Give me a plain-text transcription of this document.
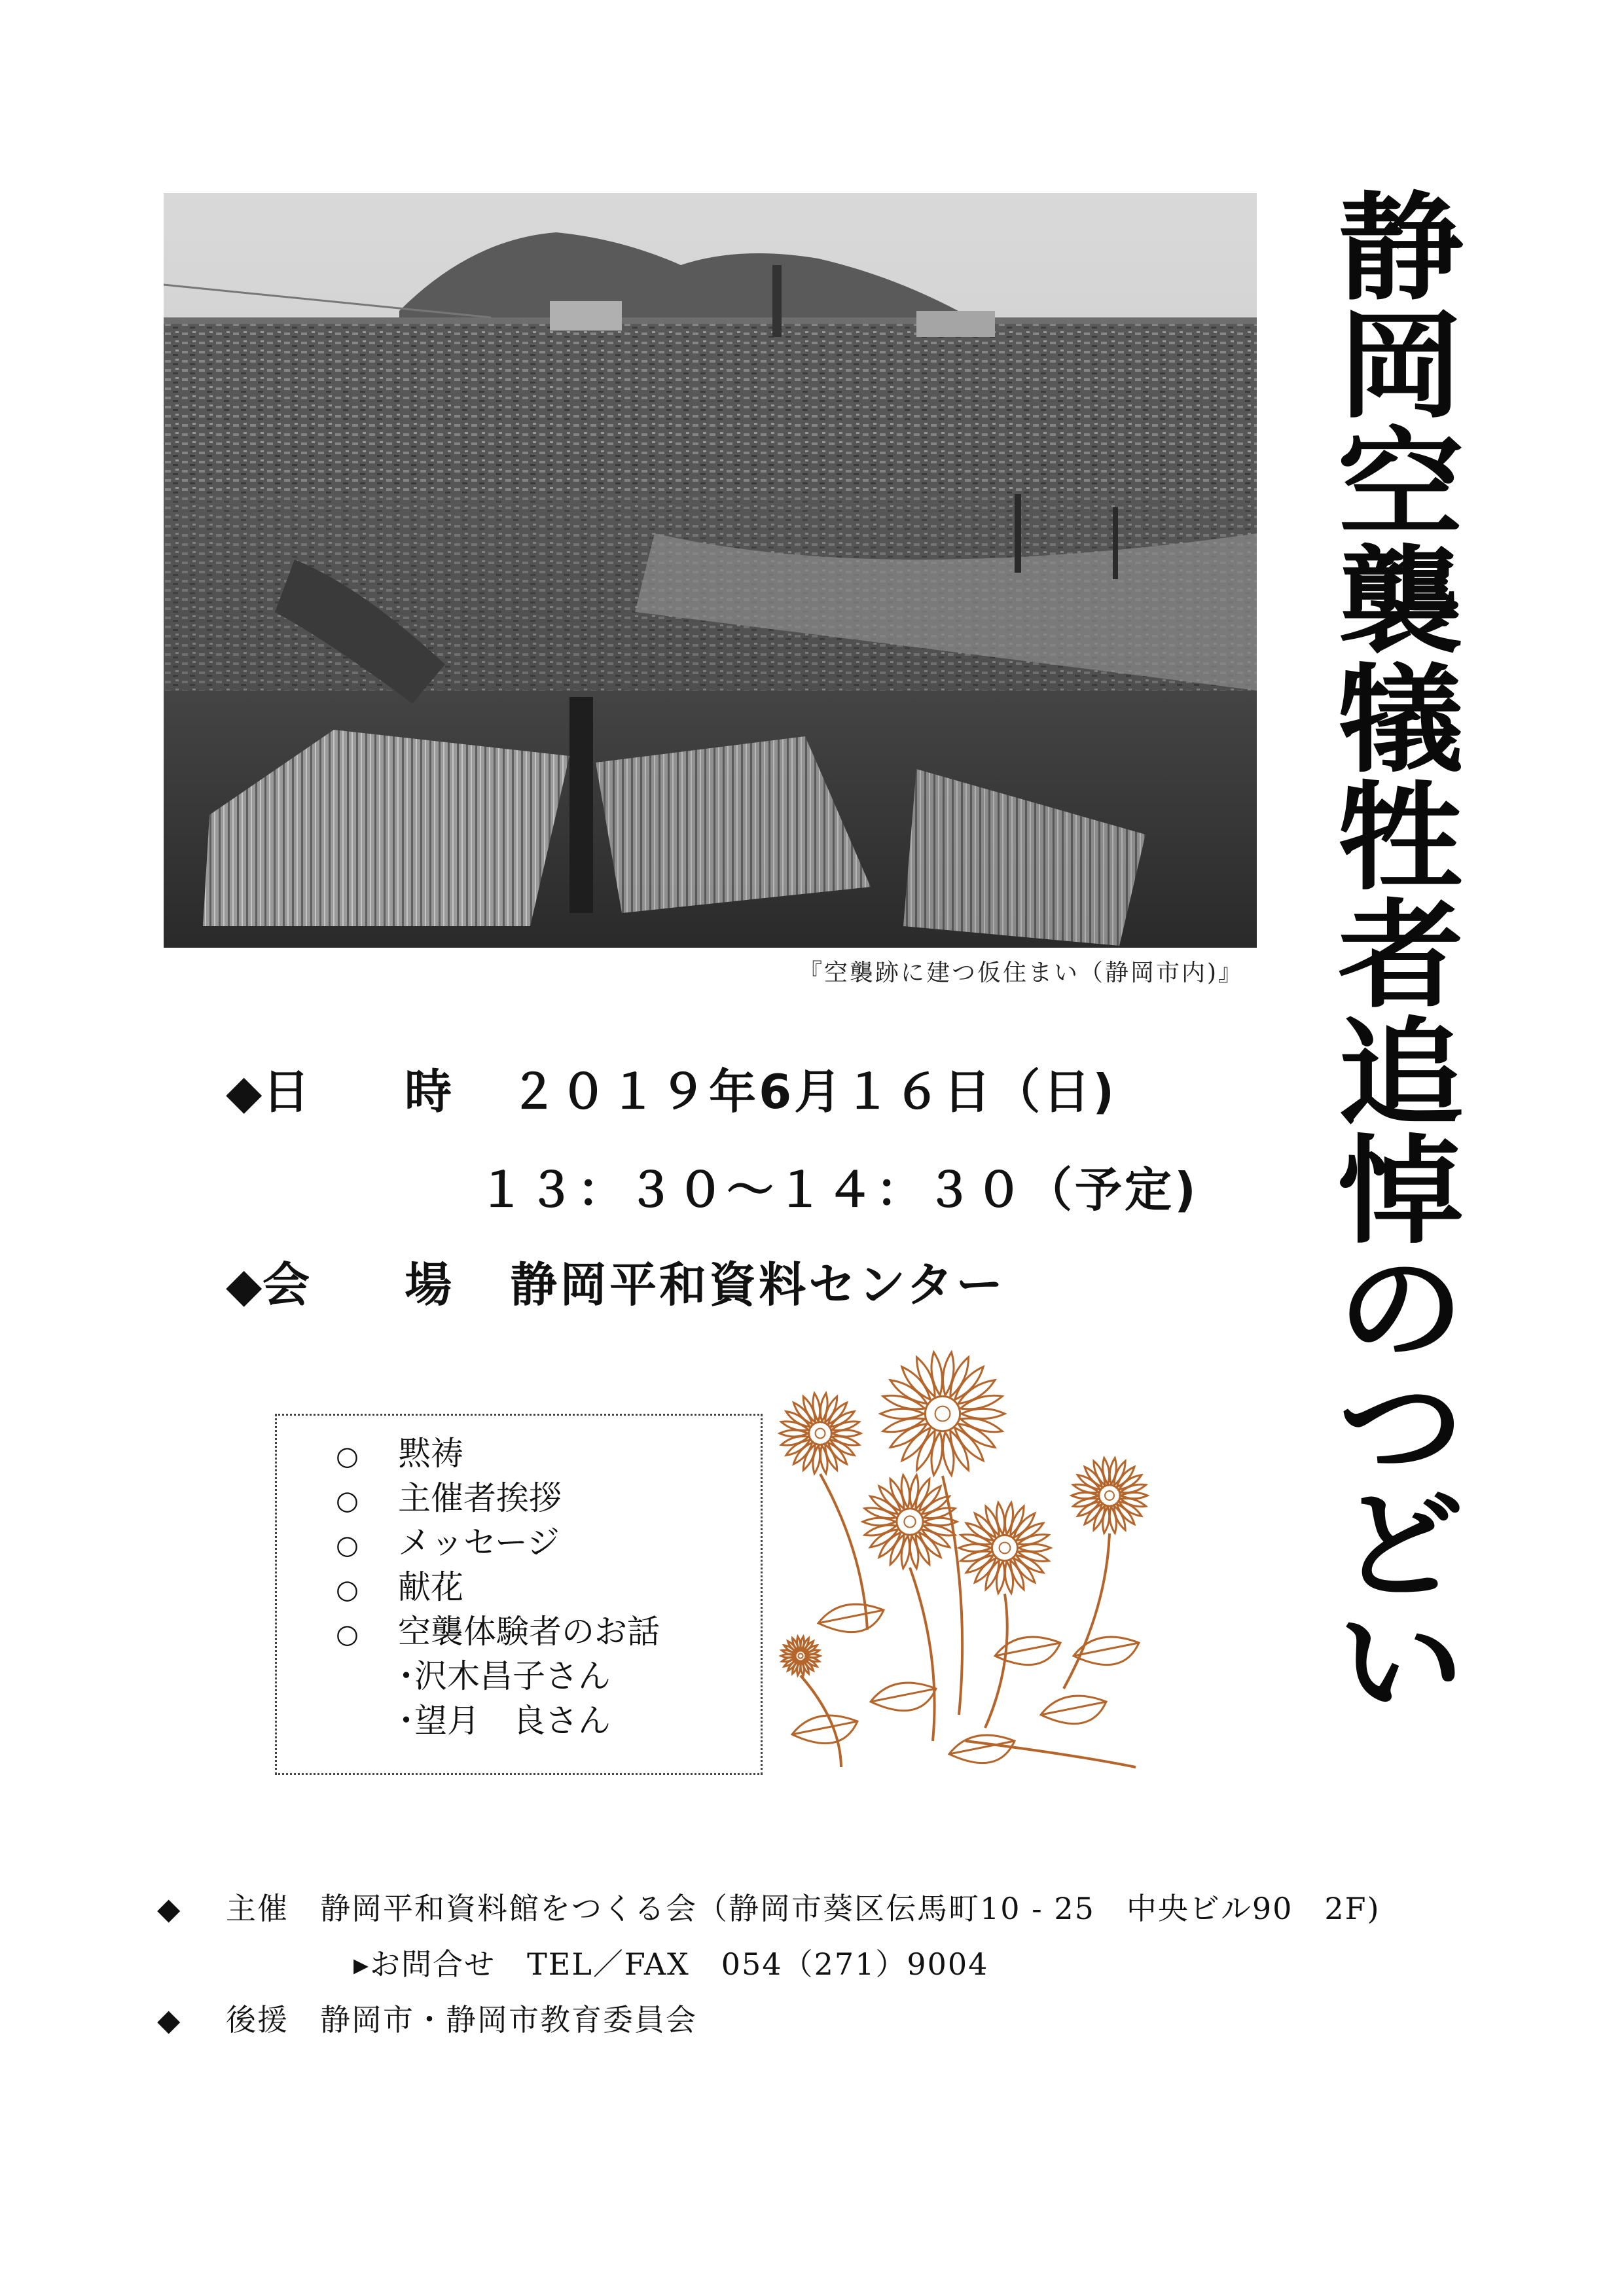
『空襲跡に建つ仮住まい（静岡市内)』
静
岡
空
襲
犠
牲
者
追
悼
の
つ
ど
い
◆日 時 ２０１９年6月１６日（日)
１３：３０～１４：３０（予定)
◆会 場 静岡平和資料センター
○ 黙祷
○ 主催者挨拶
○ メッセージ
○ 献花
○ 空襲体験者のお話
･沢木昌子さん
･望月　良さん
◆ 主催　静岡平和資料館をつくる会（静岡市葵区伝馬町10 - 25　中央ビル90　2F)
▸お問合せ　TEL／FAX　054（271）9004
◆ 後援　静岡市・静岡市教育委員会
